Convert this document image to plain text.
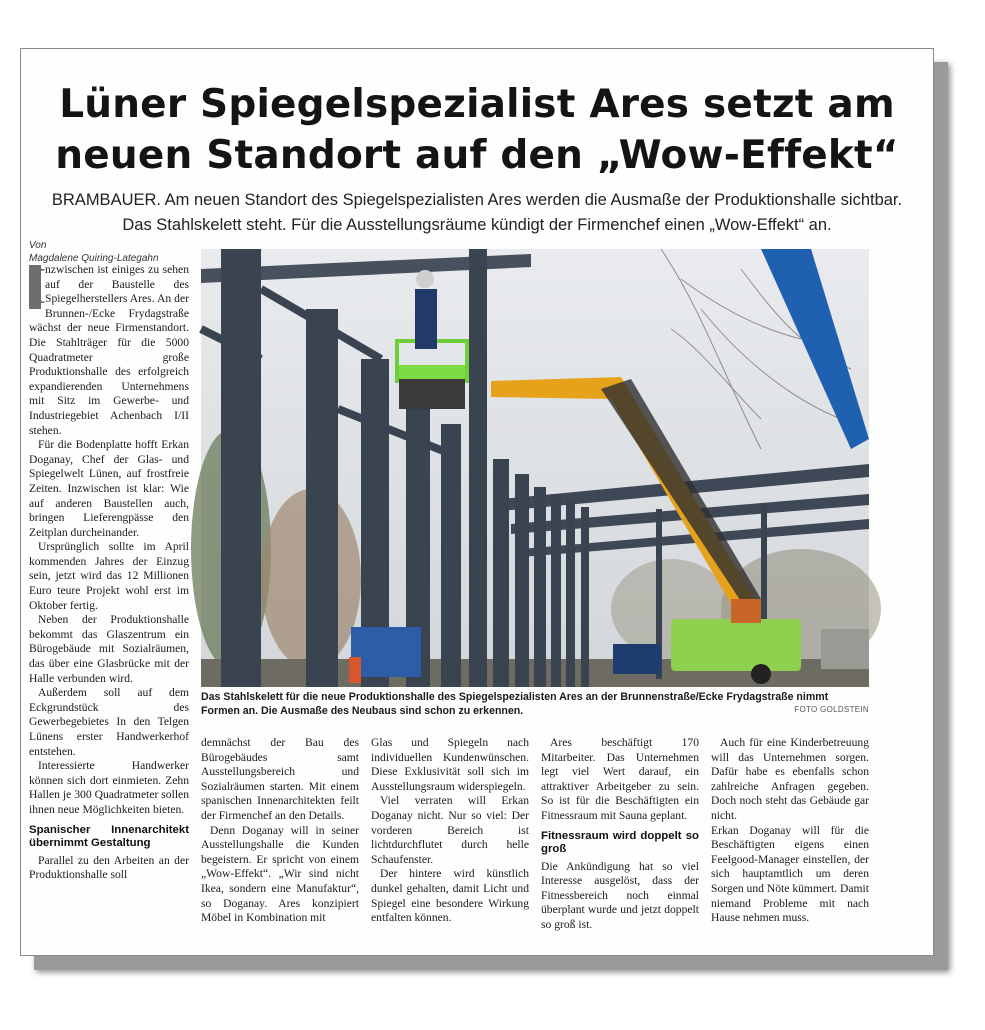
Lüner Spiegelspezialist Ares setzt am neuen Standort auf den „Wow-Effekt“
BRAMBAUER. Am neuen Standort des Spiegelspezialisten Ares werden die Ausmaße der Produktionshalle sichtbar. Das Stahlskelett steht. Für die Ausstellungsräume kündigt der Firmenchef einen „Wow-Effekt“ an.
Von
Magdalene Quiring-Lategahn

I
nzwischen ist einiges zu sehen auf der Baustelle des Spiegelherstellers Ares. An der Brunnen-/Ecke Frydagstraße wächst der neue Firmenstandort. Die Stahlträger für die 5000 Quadratmeter große Produktionshalle des erfolgreich expandierenden Unternehmens mit Sitz im Gewerbe- und Industriegebiet Achenbach I/II stehen.

Für die Bodenplatte hofft Erkan Doganay, Chef der Glas- und Spiegelwelt Lünen, auf frostfreie Zeiten. Inzwischen ist klar: Wie auf anderen Baustellen auch, bringen Lieferengpässe den Zeitplan durcheinander.

Ursprünglich sollte im April kommenden Jahres der Einzug sein, jetzt wird das 12 Millionen Euro teure Projekt wohl erst im Oktober fertig.

Neben der Produktionshalle bekommt das Glaszentrum ein Bürogebäude mit Sozialräumen, das über eine Glasbrücke mit der Halle verbunden wird.

Außerdem soll auf dem Eckgrundstück des Gewerbegebietes In den Telgen Lünens erster Handwerkerhof entstehen.

Interessierte Handwerker können sich dort einmieten. Zehn Hallen je 300 Quadratmeter sollen ihnen neue Möglichkeiten bieten.

Spanischer Innenarchitekt übernimmt Gestaltung

Parallel zu den Arbeiten an der Produktionshalle soll

Das Stahlskelett für die neue Produktionshalle des Spiegelspezialisten Ares an der Brunnenstraße/Ecke Frydagstraße nimmt Formen an. Die Ausmaße des Neubaus sind schon zu erkennen.	FOTO GOLDSTEIN

demnächst der Bau des Bürogebäudes samt Ausstellungsbereich und Sozialräumen starten. Mit einem spanischen Innenarchitekten feilt der Firmenchef an den Details.

Denn Doganay will in seiner Ausstellungshalle die Kunden begeistern. Er spricht von einem „Wow-Effekt“. „Wir sind nicht Ikea, sondern eine Manufaktur“, so Doganay. Ares konzipiert Möbel in Kombination mit

Glas und Spiegeln nach individuellen Kundenwünschen. Diese Exklusivität soll sich im Ausstellungsraum widerspiegeln.

Viel verraten will Erkan Doganay nicht. Nur so viel: Der vorderen Bereich ist lichtdurchflutet durch helle Schaufenster.

Der hintere wird künstlich dunkel gehalten, damit Licht und Spiegel eine besondere Wirkung entfalten können.

Ares beschäftigt 170 Mitarbeiter. Das Unternehmen legt viel Wert darauf, ein attraktiver Arbeitgeber zu sein. So ist für die Beschäftigten ein Fitnessraum mit Sauna geplant.

Fitnessraum wird doppelt so groß

Die Ankündigung hat so viel Interesse ausgelöst, dass der Fitnessbereich noch einmal überplant wurde und jetzt doppelt so groß ist.

Auch für eine Kinderbetreuung will das Unternehmen sorgen. Dafür habe es ebenfalls schon zahlreiche Anfragen gegeben. Doch noch steht das Gebäude gar nicht.

Erkan Doganay will für die Beschäftigten eigens einen Feelgood-Manager einstellen, der sich hauptamtlich um deren Sorgen und Nöte kümmert. Damit niemand Probleme mit nach Hause nehmen muss.
